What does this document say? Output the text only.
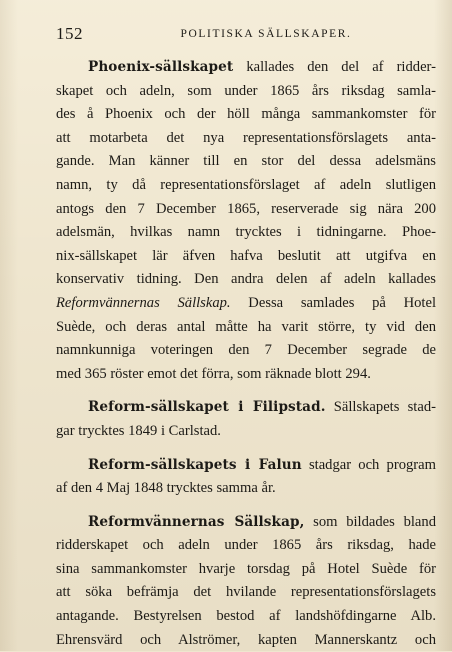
152	POLITISKA SÄLLSKAPER.
Phoenix-sällskapet kallades den del af ridder-
skapet och adeln, som under 1865 års riksdag samla-
des å Phoenix och der höll många sammankomster för
att motarbeta det nya representationsförslagets anta-
gande. Man känner till en stor del dessa adelsmäns
namn, ty då representationsförslaget af adeln slutligen
antogs den 7 December 1865, reserverade sig nära 200
adelsmän, hvilkas namn trycktes i tidningarne. Phoe-
nix-sällskapet lär äfven hafva beslutit att utgifva en
konservativ tidning. Den andra delen af adeln kallades
Reformvännernas Sällskap. Dessa samlades på Hotel
Suède, och deras antal måtte ha varit större, ty vid den
namnkunniga voteringen den 7 December segrade de
med 365 röster emot det förra, som räknade blott 294.
Reform-sällskapet i Filipstad. Sällskapets stad-
gar trycktes 1849 i Carlstad.
Reform-sällskapets i Falun stadgar och program
af den 4 Maj 1848 trycktes samma år.
Reformvännernas Sällskap, som bildades bland
ridderskapet och adeln under 1865 års riksdag, hade
sina sammankomster hvarje torsdag på Hotel Suède för
att söka befrämja det hvilande representationsförslagets
antagande. Bestyrelsen bestod af landshöfdingarne Alb.
Ehrensvärd och Alströmer, kapten Mannerskantz och
